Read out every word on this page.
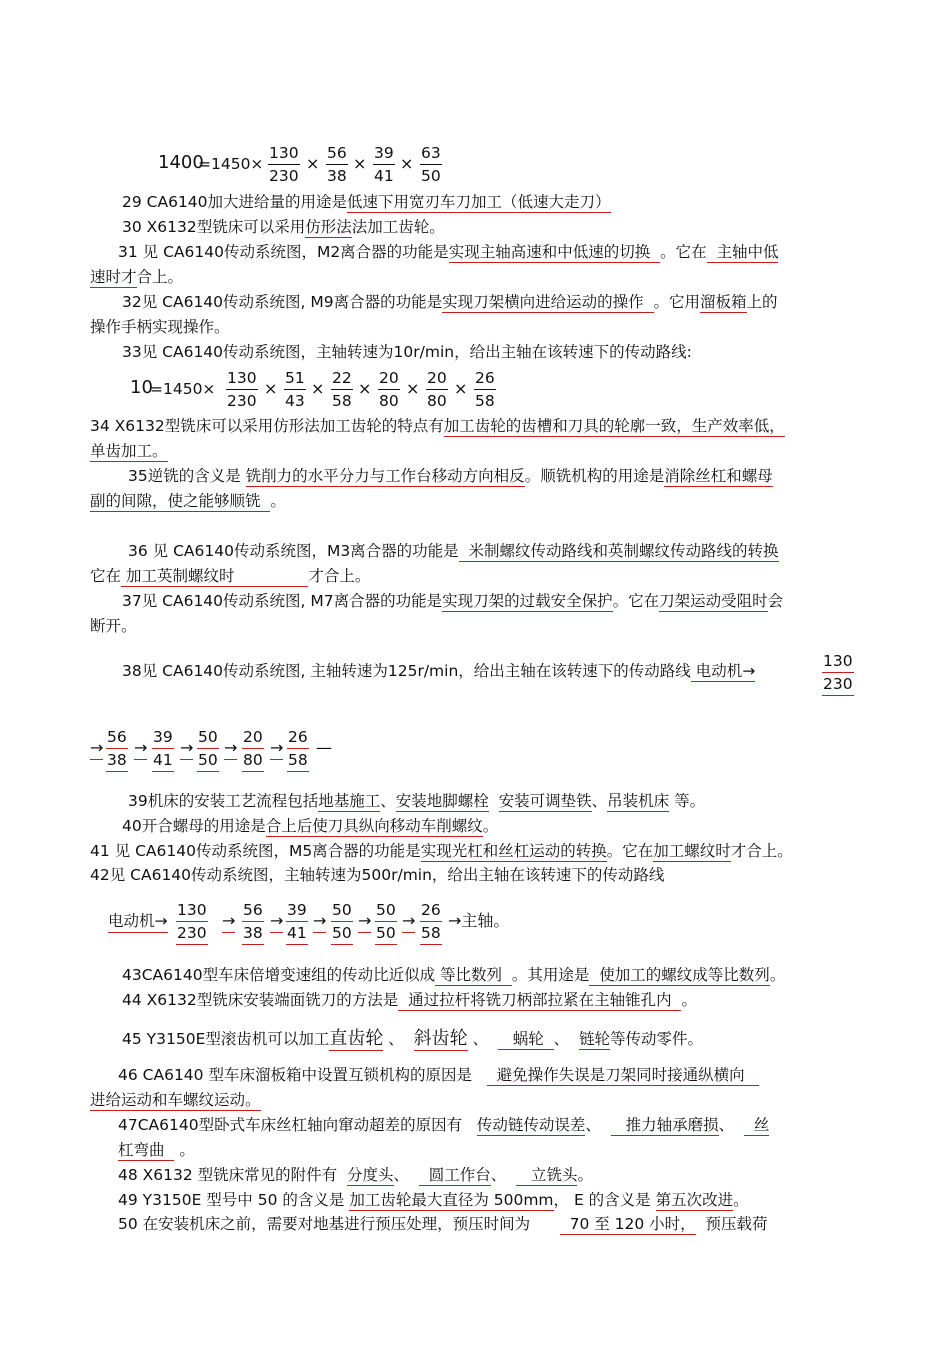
1400
=1450×
130
230
×
56
38
×
39
41
×
63
50
29 CA6140加大进给量的用途是低速下用宽刃车刀加工（低速大走刀）
30 X6132型铣床可以采用仿形法法加工齿轮。
31 见 CA6140传动系统图，M2离合器的功能是实现主轴高速和中低速的切换 。它在 主轴中低
速时才合上。
32见 CA6140传动系统图, M9离合器的功能是实现刀架横向进给运动的操作 。它用溜板箱上的
操作手柄实现操作。
33见 CA6140传动系统图，主轴转速为10r/min，给出主轴在该转速下的传动路线:
10
=1450×
130
230
×
51
43
×
22
58
×
20
80
×
20
80
×
26
58
34 X6132型铣床可以采用仿形法加工齿轮的特点有加工齿轮的齿槽和刀具的轮廓一致，生产效率低，
单齿加工。
35逆铣的含义是 铣削力的水平分力与工作台移动方向相反。顺铣机构的用途是消除丝杠和螺母
副的间隙，使之能够顺铣 。
36 见 CA6140传动系统图，M3离合器的功能是 米制螺纹传动路线和英制螺纹传动路线的转换
它在 加工英制螺纹时	才合上。
37见 CA6140传动系统图, M7离合器的功能是实现刀架的过载安全保护。它在刀架运动受阻时会
断开。
38见 CA6140传动系统图, 主轴转速为125r/min，给出主轴在该转速下的传动路线 电动机→
130
230
→
56
38
→
39
41
→
50
50
→
20
80
→
26
58
—
39机床的安装工艺流程包括地基施工、安装地脚螺栓 安装可调垫铁、吊装机床 等。
40开合螺母的用途是合上后使刀具纵向移动车削螺纹。
41 见 CA6140传动系统图，M5离合器的功能是实现光杠和丝杠运动的转换。它在加工螺纹时才合上。
42见 CA6140传动系统图，主轴转速为500r/min，给出主轴在该转速下的传动路线
电动机→
130
230
→
56
38
→
39
41
→
50
50
→
50
50
→
26
58
→主轴。
43CA6140型车床倍增变速组的传动比近似成 等比数列 。其用途是 使加工的螺纹成等比数列。
44 X6132型铣床安装端面铣刀的方法是 通过拉杆将铣刀柄部拉紧在主轴锥孔内 。
45 Y3150E型滚齿机可以加工直齿轮 、 斜齿轮 、 蜗轮 、 链轮等传动零件。
46 CA6140 型车床溜板箱中设置互锁机构的原因是 避免操作失误是刀架同时接通纵横向
进给运动和车螺纹运动。
47CA6140型卧式车床丝杠轴向窜动超差的原因有 传动链传动误差、 推力轴承磨损、 丝
杠弯曲 。
48 X6132 型铣床常见的附件有 分度头、 圆工作台、 立铣头。
49 Y3150E 型号中 50 的含义是 加工齿轮最大直径为 500mm， E 的含义是 第五次改进。
50 在安装机床之前，需要对地基进行预压处理，预压时间为	70 至 120 小时， 预压载荷
